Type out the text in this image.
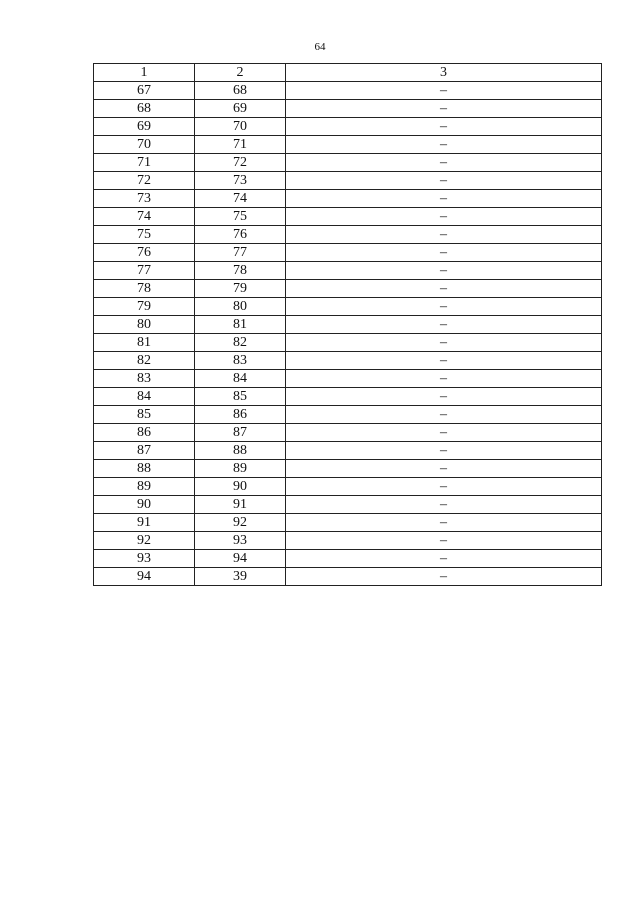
64
1	2	3
67	68	–
68	69	–
69	70	–
70	71	–
71	72	–
72	73	–
73	74	–
74	75	–
75	76	–
76	77	–
77	78	–
78	79	–
79	80	–
80	81	–
81	82	–
82	83	–
83	84	–
84	85	–
85	86	–
86	87	–
87	88	–
88	89	–
89	90	–
90	91	–
91	92	–
92	93	–
93	94	–
94	39	–
